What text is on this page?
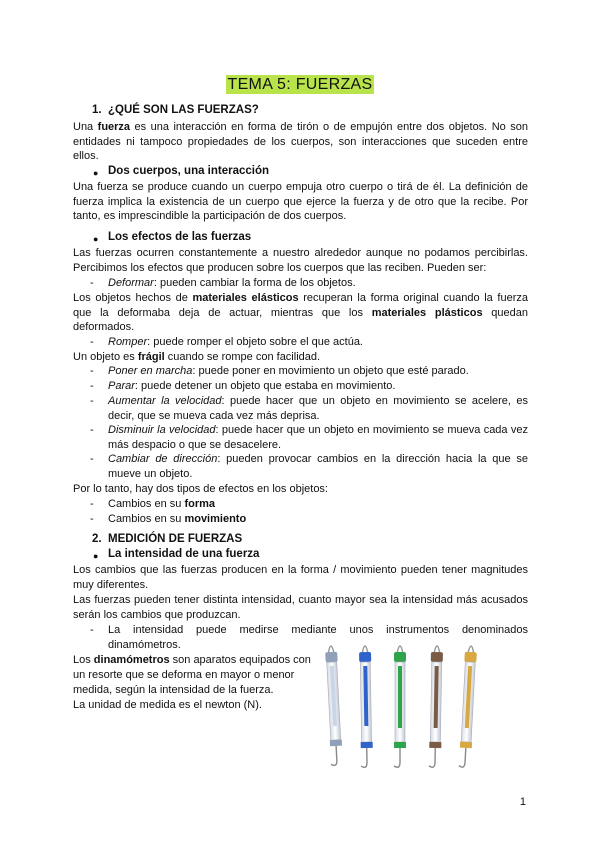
TEMA 5: FUERZAS
1. ¿QUÉ SON LAS FUERZAS?
Una fuerza es una interacción en forma de tirón o de empujón entre dos objetos. No son entidades ni tampoco propiedades de los cuerpos, son interacciones que suceden entre ellos.
● Dos cuerpos, una interacción
Una fuerza se produce cuando un cuerpo empuja otro cuerpo o tirá de él. La definición de fuerza implica la existencia de un cuerpo que ejerce la fuerza y de otro que la recibe. Por tanto, es imprescindible la participación de dos cuerpos.
● Los efectos de las fuerzas
Las fuerzas ocurren constantemente a nuestro alrededor aunque no podamos percibirlas. Percibimos los efectos que producen sobre los cuerpos que las reciben. Pueden ser:
- Deformar: pueden cambiar la forma de los objetos.
Los objetos hechos de materiales elásticos recuperan la forma original cuando la fuerza que la deformaba deja de actuar, mientras que los materiales plásticos quedan deformados.
- Romper: puede romper el objeto sobre el que actúa.
Un objeto es frágil cuando se rompe con facilidad.
- Poner en marcha: puede poner en movimiento un objeto que esté parado.
- Parar: puede detener un objeto que estaba en movimiento.
- Aumentar la velocidad: puede hacer que un objeto en movimiento se acelere, es decir, que se mueva cada vez más deprisa.
- Disminuir la velocidad: puede hacer que un objeto en movimiento se mueva cada vez más despacio o que se desacelere.
- Cambiar de dirección: pueden provocar cambios en la dirección hacia la que se mueve un objeto.
Por lo tanto, hay dos tipos de efectos en los objetos:
- Cambios en su forma
- Cambios en su movimiento
2. MEDICIÓN DE FUERZAS
● La intensidad de una fuerza
Los cambios que las fuerzas producen en la forma / movimiento pueden tener magnitudes muy diferentes.
Las fuerzas pueden tener distinta intensidad, cuanto mayor sea la intensidad más acusados serán los cambios que produzcan.
- La intensidad puede medirse mediante unos instrumentos denominados dinamómetros.
Los dinamómetros son aparatos equipados con un resorte que se deforma en mayor o menor medida, según la intensidad de la fuerza.
La unidad de medida es el newton (N).
1
